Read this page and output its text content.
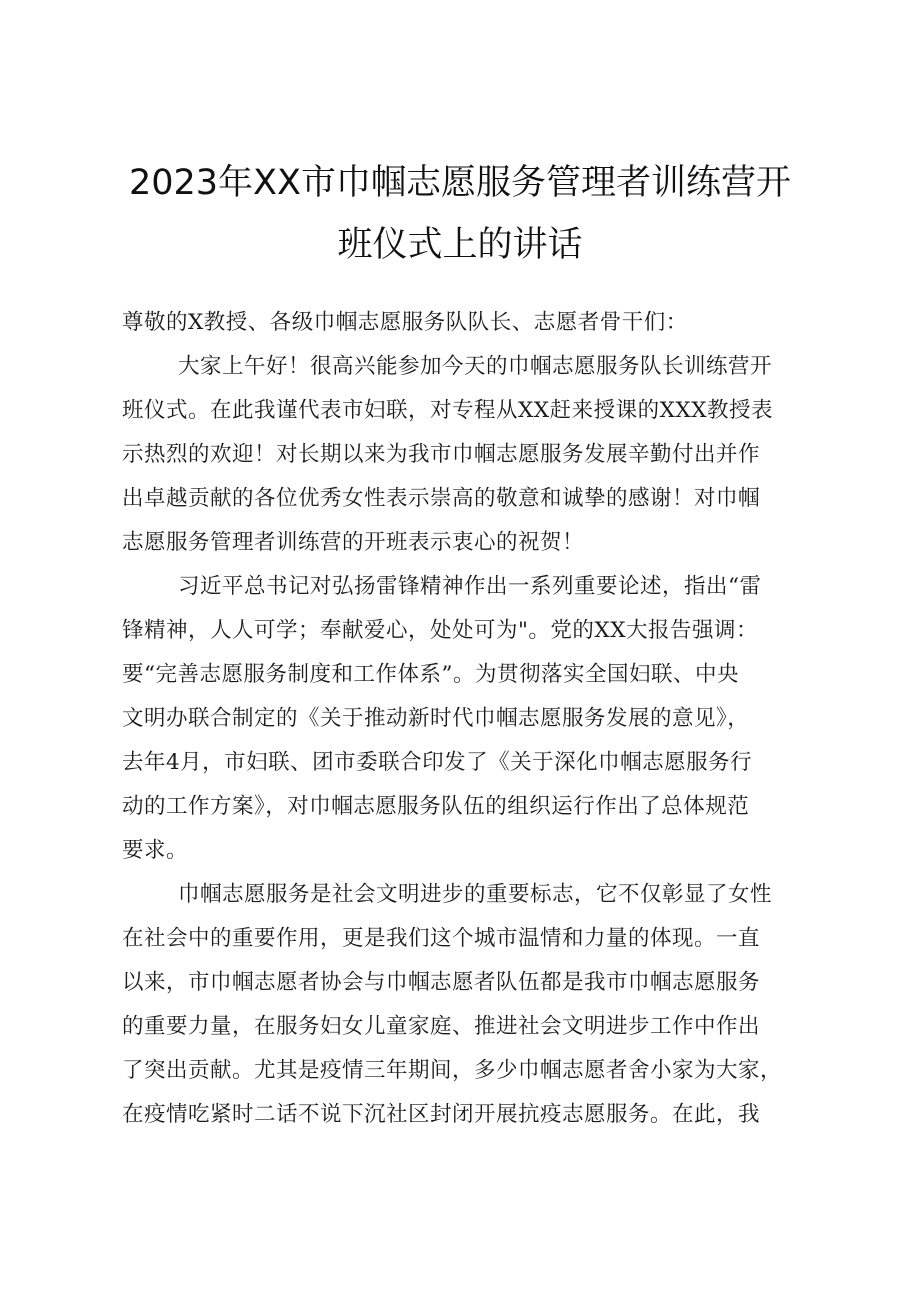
2023年XX市巾帼志愿服务管理者训练营开
班仪式上的讲话
尊敬的X教授、各级巾帼志愿服务队队长、志愿者骨干们：
大家上午好！很高兴能参加今天的巾帼志愿服务队长训练营开
班仪式。在此我谨代表市妇联，对专程从XX赶来授课的XXX教授表
示热烈的欢迎！对长期以来为我市巾帼志愿服务发展辛勤付出并作
出卓越贡献的各位优秀女性表示崇高的敬意和诚挚的感谢！对巾帼
志愿服务管理者训练营的开班表示衷心的祝贺！
习近平总书记对弘扬雷锋精神作出一系列重要论述，指出“雷
锋精神，人人可学；奉献爱心，处处可为"。党的XX大报告强调：
要“完善志愿服务制度和工作体系”。为贯彻落实全国妇联、中央
文明办联合制定的《关于推动新时代巾帼志愿服务发展的意见》，
去年4月，市妇联、团市委联合印发了《关于深化巾帼志愿服务行
动的工作方案》，对巾帼志愿服务队伍的组织运行作出了总体规范
要求。
巾帼志愿服务是社会文明进步的重要标志，它不仅彰显了女性
在社会中的重要作用，更是我们这个城市温情和力量的体现。一直
以来，市巾帼志愿者协会与巾帼志愿者队伍都是我市巾帼志愿服务
的重要力量，在服务妇女儿童家庭、推进社会文明进步工作中作出
了突出贡献。尤其是疫情三年期间，多少巾帼志愿者舍小家为大家，
在疫情吃紧时二话不说下沉社区封闭开展抗疫志愿服务。在此，我
